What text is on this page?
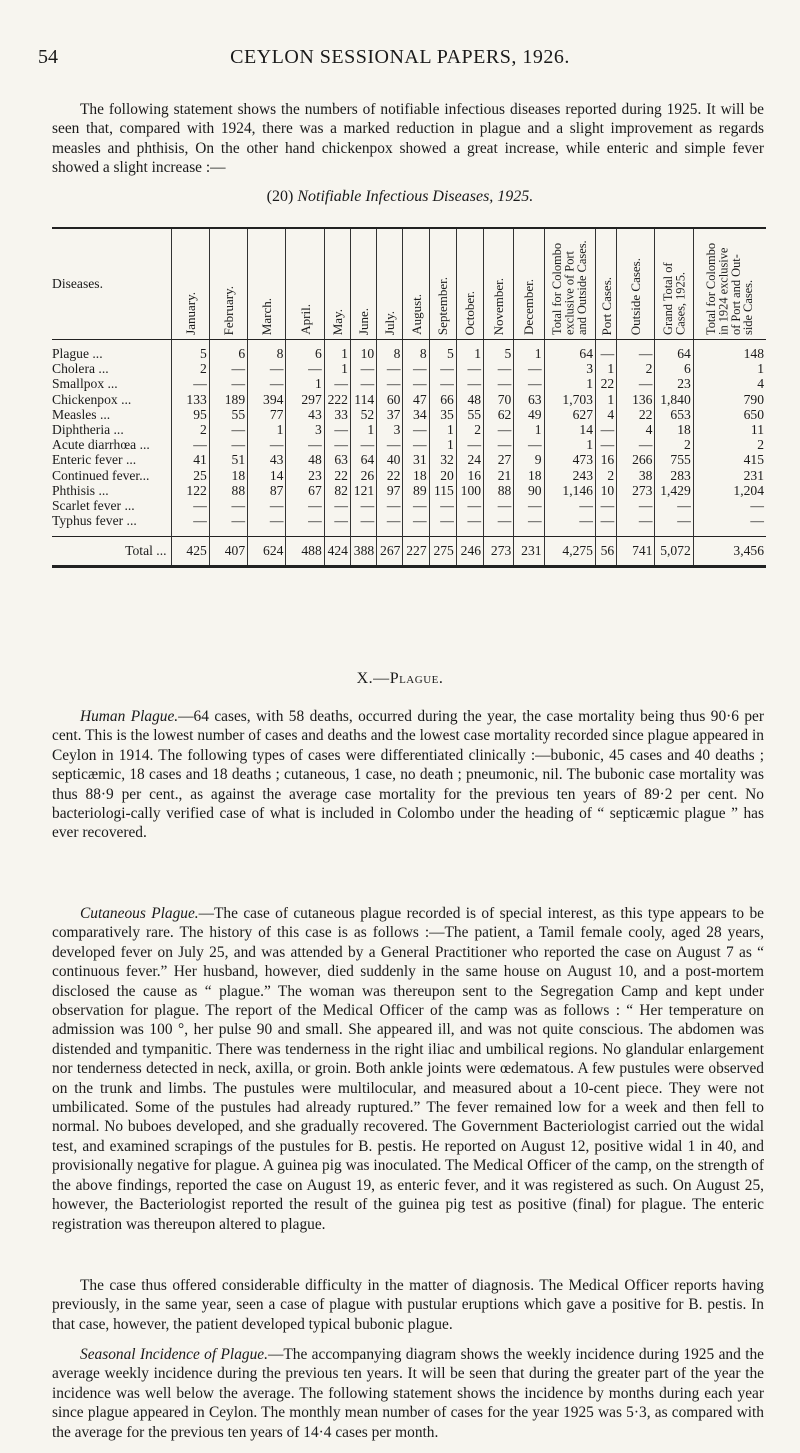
54	CEYLON SESSIONAL PAPERS, 1926.

The following statement shows the numbers of notifiable infectious diseases reported during 1925. It will be seen that, compared with 1924, there was a marked reduction in plague and a slight improvement as regards measles and phthisis, On the other hand chickenpox showed a great increase, while enteric and simple fever showed a slight increase :—

(20) Notifiable Infectious Diseases, 1925.
Diseases.	January.	February.	March.	April.	May.	June.	July.	August.	September.	October.	November.	December.	Total for Colombo exclusive of Port and Outside Cases.	Port Cases.	Outside Cases.	Grand Total of Cases, 1925.	Total for Colombo in 1924 exclusive of Port and Out-side Cases.
Plague ...	5	6	8	6	1	10	8	8	5	1	5	1	64	—	—	64	148
Cholera ...	2	—	—	—	1	—	—	—	—	—	—	—	3	1	2	6	1
Smallpox ...	—	—	—	1	—	—	—	—	—	—	—	—	1	22	—	23	4
Chickenpox ...	133	189	394	297	222	114	60	47	66	48	70	63	1,703	1	136	1,840	790
Measles ...	95	55	77	43	33	52	37	34	35	55	62	49	627	4	22	653	650
Diphtheria ...	2	—	1	3	—	1	3	—	1	2	—	1	14	—	4	18	11
Acute diarrhœa ...	—	—	—	—	—	—	—	—	1	—	—	—	1	—	—	2	2
Enteric fever ...	41	51	43	48	63	64	40	31	32	24	27	9	473	16	266	755	415
Continued fever...	25	18	14	23	22	26	22	18	20	16	21	18	243	2	38	283	231
Phthisis ...	122	88	87	67	82	121	97	89	115	100	88	90	1,146	10	273	1,429	1,204
Scarlet fever ...	—	—	—	—	—	—	—	—	—	—	—	—	—	—	—	—	—
Typhus fever ...	—	—	—	—	—	—	—	—	—	—	—	—	—	—	—	—	—
Total ...	425	407	624	488	424	388	267	227	275	246	273	231	4,275	56	741	5,072	3,456
X.—Plague.

Human Plague.—64 cases, with 58 deaths, occurred during the year, the case mortality being thus 90·6 per cent. This is the lowest number of cases and deaths and the lowest case mortality recorded since plague appeared in Ceylon in 1914. The following types of cases were differentiated clinically :—bubonic, 45 cases and 40 deaths ; septicæmic, 18 cases and 18 deaths ; cutaneous, 1 case, no death ; pneumonic, nil. The bubonic case mortality was thus 88·9 per cent., as against the average case mortality for the previous ten years of 89·2 per cent. No bacteriologi-cally verified case of what is included in Colombo under the heading of “ septicæmic plague ” has ever recovered.

Cutaneous Plague.—The case of cutaneous plague recorded is of special interest, as this type appears to be comparatively rare. The history of this case is as follows :—The patient, a Tamil female cooly, aged 28 years, developed fever on July 25, and was attended by a General Practitioner who reported the case on August 7 as “ continuous fever.” Her husband, however, died suddenly in the same house on August 10, and a post-mortem disclosed the cause as “ plague.” The woman was thereupon sent to the Segregation Camp and kept under observation for plague. The report of the Medical Officer of the camp was as follows : “ Her temperature on admission was 100 °, her pulse 90 and small. She appeared ill, and was not quite conscious. The abdomen was distended and tympanitic. There was tenderness in the right iliac and umbilical regions. No glandular enlargement nor tenderness detected in neck, axilla, or groin. Both ankle joints were œdematous. A few pustules were observed on the trunk and limbs. The pustules were multilocular, and measured about a 10-cent piece. They were not umbilicated. Some of the pustules had already ruptured.” The fever remained low for a week and then fell to normal. No buboes developed, and she gradually recovered. The Government Bacteriologist carried out the widal test, and examined scrapings of the pustules for B. pestis. He reported on August 12, positive widal 1 in 40, and provisionally negative for plague. A guinea pig was inoculated. The Medical Officer of the camp, on the strength of the above findings, reported the case on August 19, as enteric fever, and it was registered as such. On August 25, however, the Bacteriologist reported the result of the guinea pig test as positive (final) for plague. The enteric registration was thereupon altered to plague.

The case thus offered considerable difficulty in the matter of diagnosis. The Medical Officer reports having previously, in the same year, seen a case of plague with pustular eruptions which gave a positive for B. pestis. In that case, however, the patient developed typical bubonic plague.

Seasonal Incidence of Plague.—The accompanying diagram shows the weekly incidence during 1925 and the average weekly incidence during the previous ten years. It will be seen that during the greater part of the year the incidence was well below the average. The following statement shows the incidence by months during each year since plague appeared in Ceylon. The monthly mean number of cases for the year 1925 was 5·3, as compared with the average for the previous ten years of 14·4 cases per month.
